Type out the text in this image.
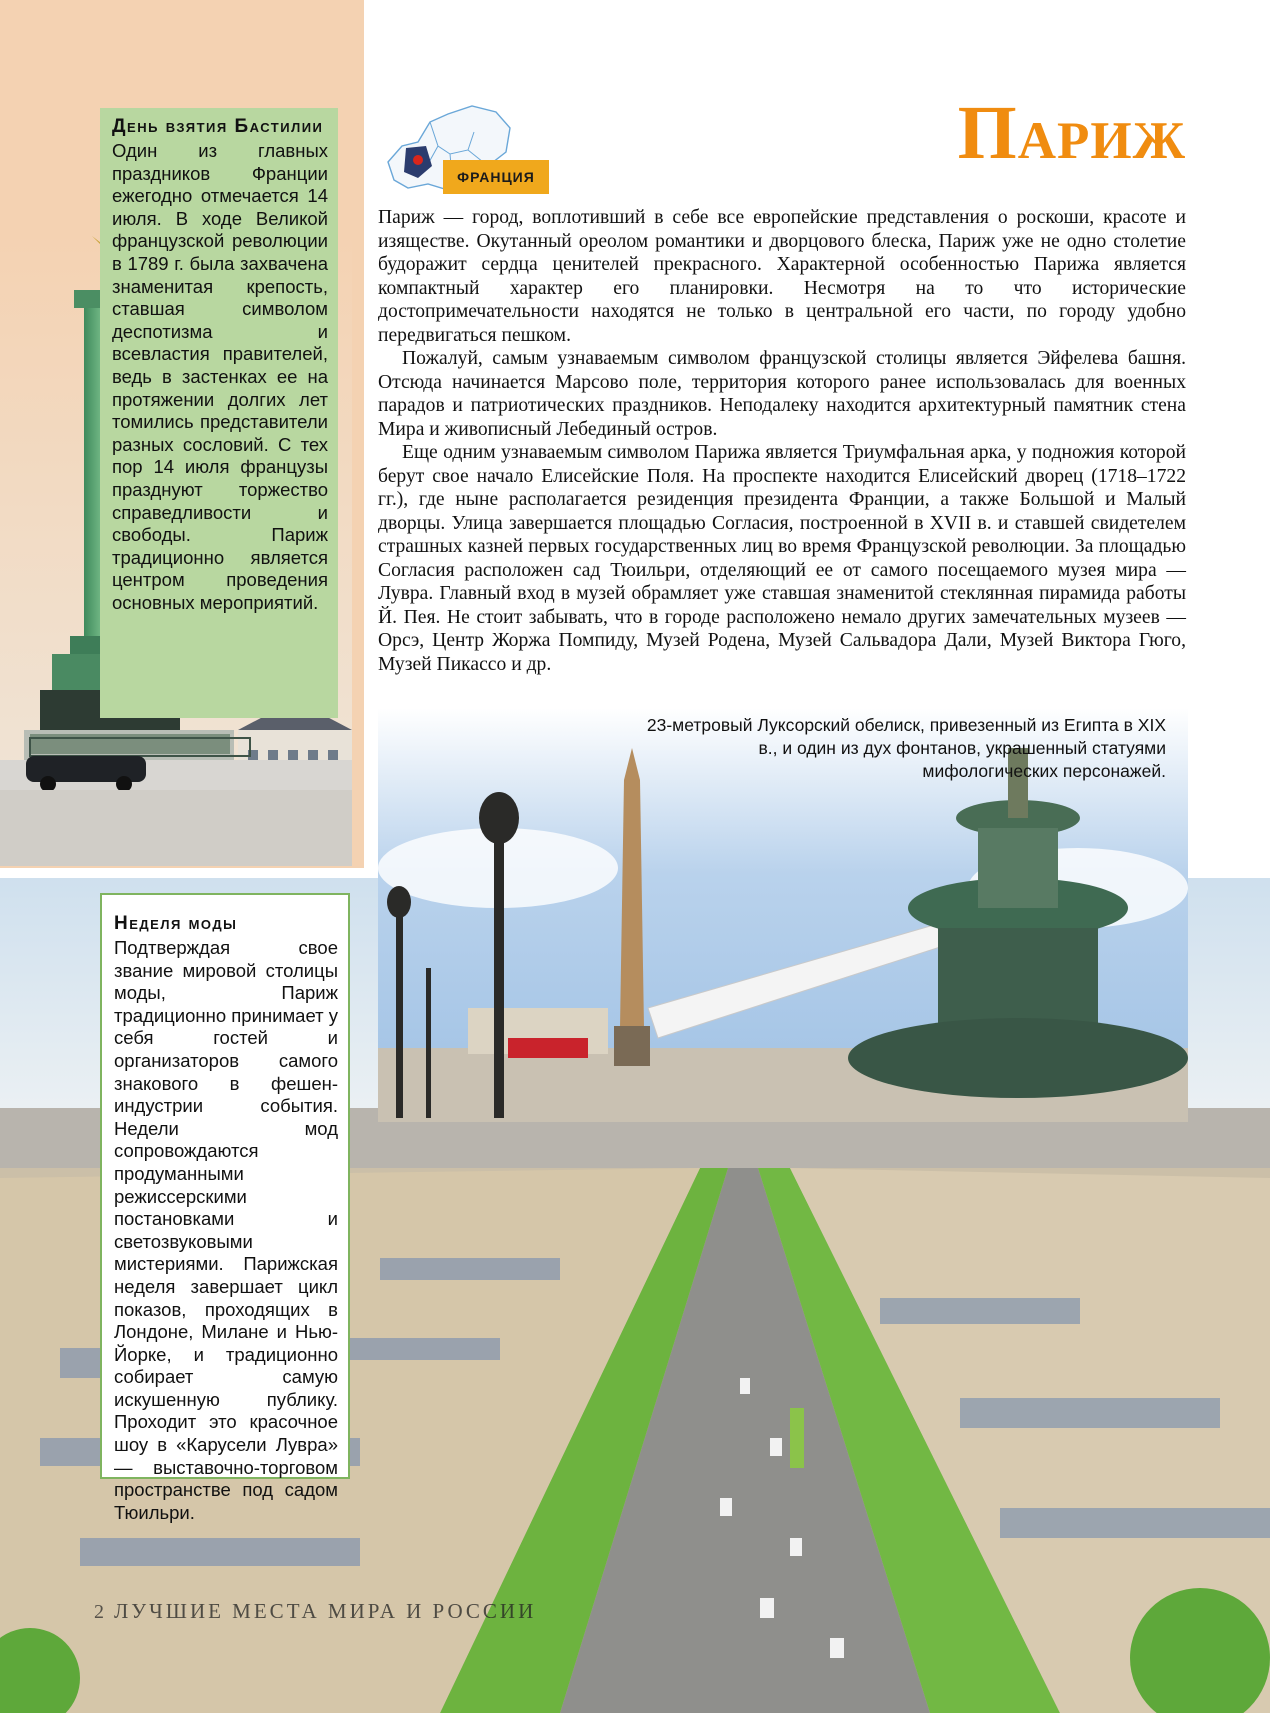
День взятия Бастилии
Один из главных праздников Франции ежегодно отмечается 14 июля. В ходе Великой французской революции в 1789 г. была захвачена знаменитая крепость, ставшая символом деспотизма и всевластия правителей, ведь в застенках ее на протяжении долгих лет томились представители разных сословий. С тех пор 14 июля французы празднуют торжество справедливости и свободы. Париж традиционно является центром проведения основных мероприятий.
Неделя моды
Подтверждая свое звание мировой столицы моды, Париж традиционно принимает у себя гостей и организаторов самого знакового в фешен-индустрии события. Недели мод сопровождаются продуманными режиссерскими постановками и светозвуковыми мистериями. Парижская неделя завершает цикл показов, проходящих в Лондоне, Милане и Нью-Йорке, и традиционно собирает самую искушенную публику. Проходит это красочное шоу в «Карусели Лувра» — выставочно-торговом пространстве под садом Тюильри.
ФРАНЦИЯ
Париж

Париж — город, воплотивший в себе все европейские представления о роскоши, красоте и изяществе. Окутанный ореолом романтики и дворцового блеска, Париж уже не одно столетие будоражит сердца ценителей прекрасного. Характерной особенностью Парижа является компактный характер его планировки. Несмотря на то что исторические достопримечательности находятся не только в центральной его части, по городу удобно передвигаться пешком.

Пожалуй, самым узнаваемым символом французской столицы является Эйфелева башня. Отсюда начинается Марсово поле, территория которого ранее использовалась для военных парадов и патриотических праздников. Неподалеку находится архитектурный памятник стена Мира и живописный Лебединый остров.

Еще одним узнаваемым символом Парижа является Триумфальная арка, у подножия которой берут свое начало Елисейские Поля. На проспекте находится Елисейский дворец (1718–1722 гг.), где ныне располагается резиденция президента Франции, а также Большой и Малый дворцы. Улица завершается площадью Согласия, построенной в XVII в. и ставшей свидетелем страшных казней первых государственных лиц во время Французской революции. За площадью Согласия расположен сад Тюильри, отделяющий ее от самого посещаемого музея мира — Лувра. Главный вход в музей обрамляет уже ставшая знаменитой стеклянная пирамида работы Й. Пея. Не стоит забывать, что в городе расположено немало других замечательных музеев — Орсэ, Центр Жоржа Помпиду, Музей Родена, Музей Сальвадора Дали, Музей Виктора Гюго, Музей Пикассо и др.

23-метровый Луксорский обелиск, привезенный из Египта в XIX в., и один из дух фонтанов, украшенный статуями мифологических персонажей.
2 ЛУЧШИЕ МЕСТА МИРА И РОССИИ
